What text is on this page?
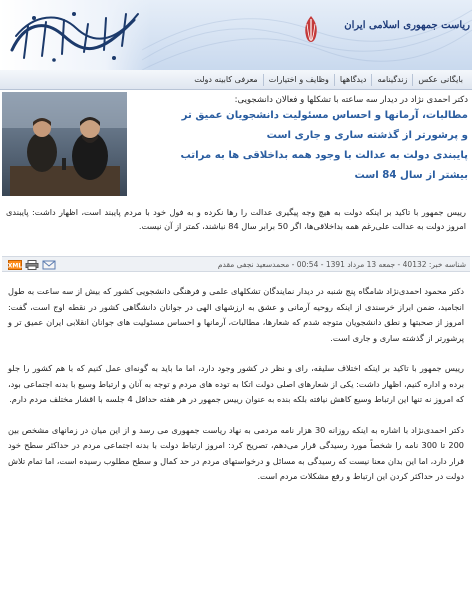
ریاست جمهوری اسلامی ایران
بایگانی عکس
زندگینامه
دیدگاهها
وظایف و اختیارات
معرفی کابینه دولت
دکتر احمدی نژاد در دیدار سه ساعته با تشکلها و فعالان دانشجویی:
مطالبات، آرمانها و احساس مسئولیت دانشجویان عمیق تر
و پرشورتر از گذشته ساری و جاری است
پایبندی دولت به عدالت با وجود همه بداخلاقی ها به مراتب
بیشتر از سال 84 است
رییس جمهور با تاکید بر اینکه دولت به هیچ وجه پیگیری عدالت را رها نکرده و به فول خود با مردم پایبند است، اظهار داشت: پایبندی امروز دولت به عدالت علی‌رغم همه بداخلاقی‌ها، اگر 50 برابر سال 84 نباشند، کمتر از آن نیست.
شناسه خبر: 40132 - جمعه 13 مرداد 1391 - 00:54 - محمدسعید نجفی مقدم
XML

دکتر محمود احمدی‌نژاد شامگاه پنج شنبه در دیدار نمایندگان تشکلهای علمی و فرهنگی دانشجویی کشور که بیش از سه ساعت به طول انجامید، ضمن ابراز خرسندی از اینکه روحیه آرمانی و عشق به ارزشهای الهی در جوانان دانشگاهی کشور در نقطه اوج است، گفت: امروز از صحبتها و نطق دانشجویان متوجه شدم که شعارها، مطالبات، آرمانها و احساس مسئولیت های جوانان انقلابی ایران عمیق تر و پرشورتر از گذشته ساری و جاری است.

رییس جمهور با تاکید بر اینکه اختلاف سلیقه، رای و نظر در کشور وجود دارد، اما ما باید به گونه‌ای عمل کنیم که با هم کشور را جلو برده و اداره کنیم، اظهار داشت: یکی از شعارهای اصلی دولت اتکا به توده های مردم و توجه به آنان و ارتباط وسیع با بدنه اجتماعی بود، که امروز نه تنها این ارتباط وسیع کاهش نیافته بلکه بنده به عنوان رییس جمهور در هر هفته حداقل 4 جلسه با اقشار مختلف مردم دارم.

دکتر احمدی‌نژاد با اشاره به اینکه روزانه 30 هزار نامه مردمی به نهاد ریاست جمهوری می رسد و از این میان در زمانهای مشخص بین 200 تا 300 نامه را شخصاً مورد رسیدگی قرار می‌دهم، تصریح کرد: امروز ارتباط دولت با بدنه اجتماعی مردم در حداکثر سطح خود قرار دارد، اما این بدان معنا نیست که رسیدگی به مسائل و درخواستهای مردم در حد کمال و سطح مطلوب رسیده است، اما تمام تلاش دولت در حداکثر کردن این ارتباط و رفع مشکلات مردم است.
